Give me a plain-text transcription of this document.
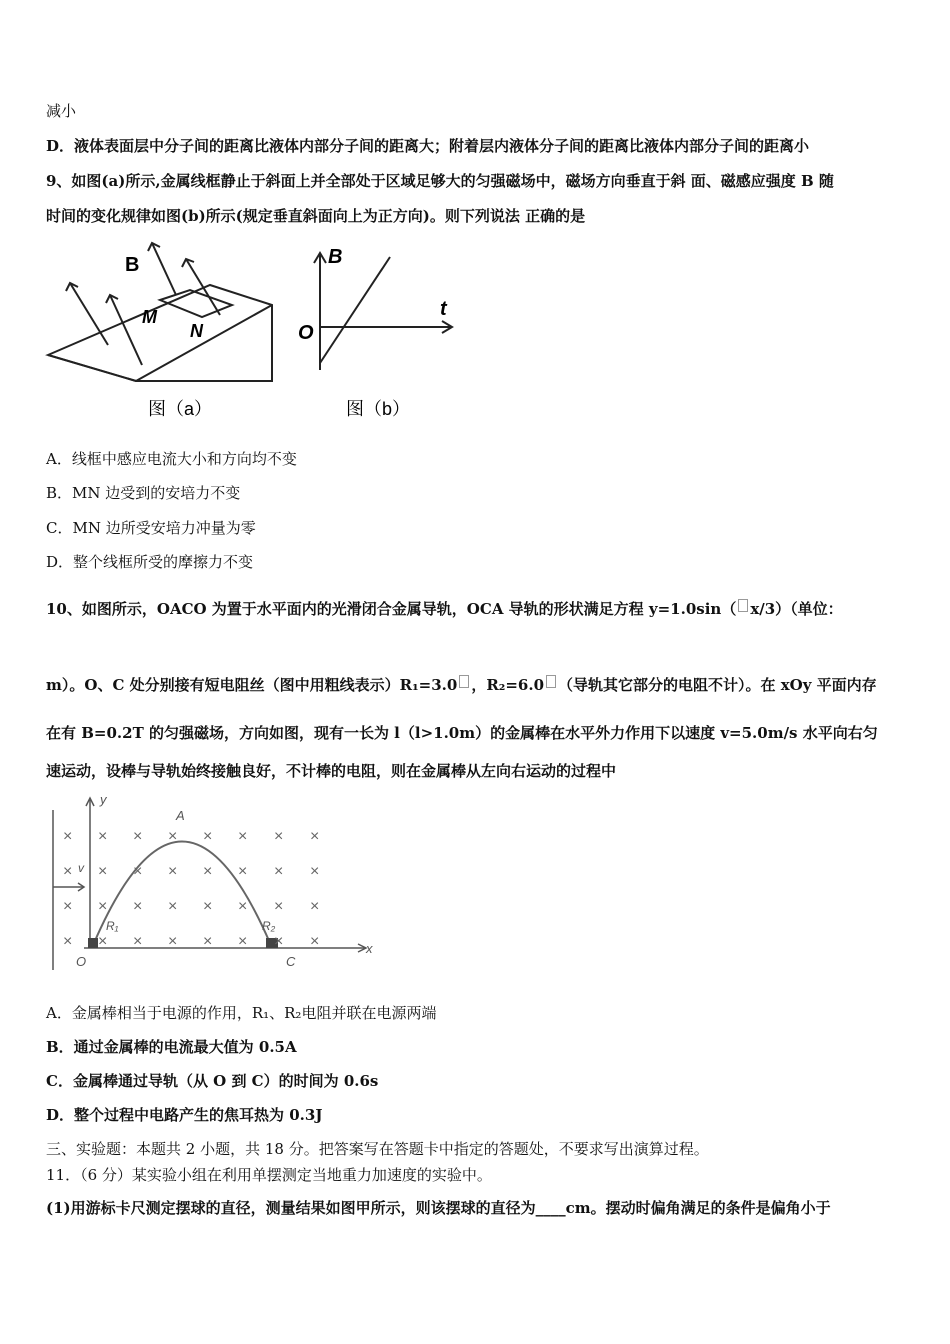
减小
D．液体表面层中分子间的距离比液体内部分子间的距离大；附着层内液体分子间的距离比液体内部分子间的距离小
9、如图(a)所示,金属线框静止于斜面上并全部处于区域足够大的匀强磁场中，磁场方向垂直于斜 面、磁感应强度 B 随
时间的变化规律如图(b)所示(规定垂直斜面向上为正方向)。则下列说法 正确的是
B
M
N
图（a）
B
t
O
图（b）
A．线框中感应电流大小和方向均不变
B．MN 边受到的安培力不变
C．MN 边所受安培力冲量为零
D．整个线框所受的摩擦力不变
10、如图所示，OACO 为置于水平面内的光滑闭合金属导轨，OCA 导轨的形状满足方程 y=1.0sin（ x/3）（单位：
m）。O、C 处分别接有短电阻丝（图中用粗线表示）R₁=3.0 ，R₂=6.0 （导轨其它部分的电阻不计）。在 xOy 平面内存
在有 B=0.2T 的匀强磁场，方向如图，现有一长为 l（l>1.0m）的金属棒在水平外力作用下以速度 v=5.0m/s 水平向右匀
速运动，设棒与导轨始终接触良好，不计棒的电阻，则在金属棒从左向右运动的过程中
× × × × × × × ×
× × × × × × × ×
× × × × × × × ×
× × × × × × × ×
y
x
A
O	C
v
R₁	R₂
A．金属棒相当于电源的作用，R₁、R₂电阻并联在电源两端
B．通过金属棒的电流最大值为 0.5A
C．金属棒通过导轨（从 O 到 C）的时间为 0.6s
D．整个过程中电路产生的焦耳热为 0.3J
三、实验题：本题共 2 小题，共 18 分。把答案写在答题卡中指定的答题处，不要求写出演算过程。
11．（6 分）某实验小组在利用单摆测定当地重力加速度的实验中。
(1)用游标卡尺测定摆球的直径，测量结果如图甲所示，则该摆球的直径为____cm。摆动时偏角满足的条件是偏角小于
